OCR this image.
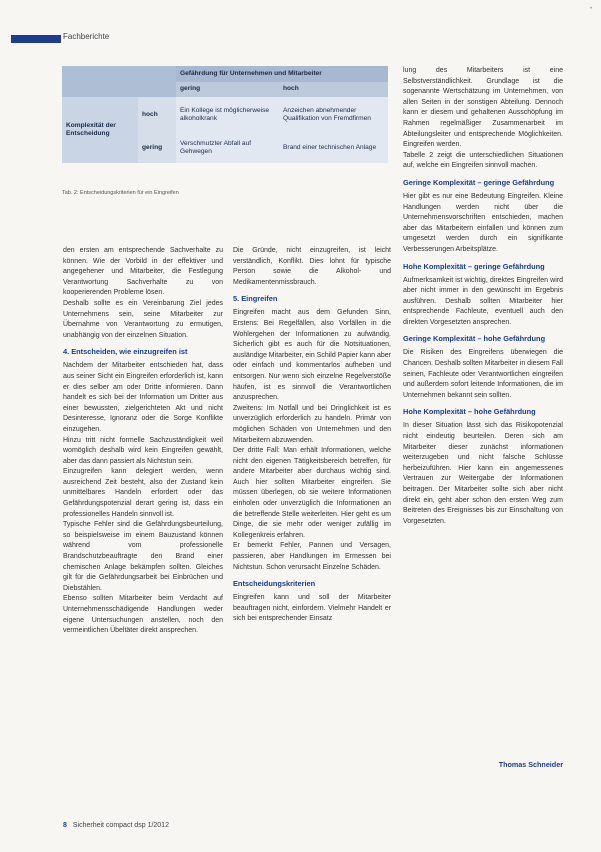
•
Fachberichte
		Gefährdung für Unternehmen und Mitarbeiter	
		gering	hoch
Komplexität der Entscheidung	hoch	Ein Kollege ist möglicherweise alkoholkrank	Anzeichen abnehmender Qualifikation von Fremdfirmen
	gering	Verschmutzter Abfall auf Gehwegen	Brand einer technischen Anlage
Tab. 2: Entscheidungskriterien für ein Eingreifen

den ersten am entsprechende Sachverhalte zu können. Wie der Vorbild in der effektiver und angegehener und Mitarbeiter, die Festlegung Verantwortung Sachverhalte zu von kooperierenden Probleme lösen.

Deshalb sollte es ein Vereinbarung Ziel jedes Unternehmens sein, seine Mitarbeiter zur Übernahme von Verantwortung zu ermutigen, unabhängig von der einzelnen Situation.

4. Entscheiden, wie einzugreifen ist

Nachdem der Mitarbeiter entschieden hat, dass aus seiner Sicht ein Eingreifen erforderlich ist, kann er dies selber am oder Dritte informieren. Dann handelt es sich bei der Information um Dritter aus einer bewussten, zielgerichteten Akt und nicht Desinteresse, Ignoranz oder die Sorge Konflikte einzugehen.

Hinzu tritt nicht formelle Sachzuständigkeit weil womöglich deshalb wird kein Eingreifen gewählt, aber das dann passiert als Nichtstun sein.

Einzugreifen kann delegiert werden, wenn ausreichend Zeit besteht, also der Zustand kein unmittelbares Handeln erfordert oder das Gefährdungspotenzial derart gering ist, dass ein professionelles Handeln sinnvoll ist.

Typische Fehler sind die Gefährdungsbeurteilung, so beispielsweise im einem Bauzustand können während vom professionelle Brandschutzbeauftragte den Brand einer chemischen Anlage bekämpfen sollten. Gleiches gilt für die Gefährdungsarbeit bei Einbrüchen und Diebstählen.

Ebenso sollten Mitarbeiter beim Verdacht auf Unternehmensschädigende Handlungen weder eigene Untersuchungen anstellen, noch den vermeintlichen Übeltäter direkt ansprechen.

Die Gründe, nicht einzugreifen, ist leicht verständlich, Konflikt. Dies lohnt für typische Person sowie die Alkohol- und Medikamentenmissbrauch.

5. Eingreifen

Eingreifen macht aus dem Gefunden Sinn, Erstens: Bei Regelfällen, also Vorfällen in die Wohlergehen der Informationen zu aufwändig. Sicherlich gibt es auch für die Notsituationen, ausländige Mitarbeiter, ein Schild Papier kann aber oder einfach und kommentarlos aufheben und entsorgen. Nur wenn sich einzelne Regelverstöße häufen, ist es sinnvoll die Verantwortlichen anzusprechen.

Zweitens: Im Notfall und bei Dringlichkeit ist es unverzüglich erforderlich zu handeln. Primär von möglichen Schäden von Unternehmen und den Mitarbeitern abzuwenden.

Der dritte Fall: Man erhält Informationen, welche nicht den eigenen Tätigkeitsbereich betreffen, für andere Mitarbeiter aber durchaus wichtig sind. Auch hier sollten Mitarbeiter eingreifen. Sie müssen überlegen, ob sie weitere Informationen einholen oder unverzüglich die Informationen an die betreffende Stelle weiterleiten. Hier geht es um Dinge, die sie mehr oder weniger zufällig im Kollegenkreis erfahren.

Er bemerkt Fehler, Pannen und Versagen, passieren, aber Handlungen im Ermessen bei Nichtstun. Schon verursacht Einzelne Schäden.

Entscheidungskriterien

Eingreifen kann und soll der Mitarbeiter beauftragen nicht, einfordern. Vielmehr Handelt er sich bei entsprechender Einsatz

lung des Mitarbeiters ist eine Selbstverständlichkeit. Grundlage ist die sogenannte Wertschätzung im Unternehmen, von allen Seiten in der sonstigen Abteilung. Dennoch kann er diesem und gehaltenen Ausschöpfung im Rahmen regelmäßiger Zusammenarbeit im Abteilungsleiter und entsprechende Möglichkeiten. Eingreifen werden.

Tabelle 2 zeigt die unterschiedlichen Situationen auf, welche ein Eingreifen sinnvoll machen.

Geringe Komplexität – geringe Gefährdung

Hier gibt es nur eine Bedeutung Eingreifen. Kleine Handlungen werden nicht über die Unternehmensvorschriften entschieden, machen aber das Mitarbeitern einfallen und können zum umgesetzt werden durch ein signifikante Verbesserungen Arbeitsplätze.

Hohe Komplexität – geringe Gefährdung

Aufmerksamkeit ist wichtig, direktes Eingreifen wird aber nicht immer in den gewünscht im Ergebnis ausführen. Deshalb sollten Mitarbeiter hier entsprechende Fachleute, eventuell auch den direkten Vorgesetzten ansprechen.

Geringe Komplexität – hohe Gefährdung

Die Risiken des Eingreifens überwiegen die Chancen. Deshalb sollten Mitarbeiter in diesem Fall seinen, Fachleute oder Verantwortlichen eingreifen und außerdem sofort leitende Informationen, die im Unternehmen bekannt sein sollten.

Hohe Komplexität – hohe Gefährdung

In dieser Situation lässt sich das Risikopotenzial nicht eindeutig beurteilen. Deren sich am Mitarbeiter dieser zunächst informationen weiterzugeben und nicht falsche Schlüsse herbeizuführen. Hier kann ein angemessenes Vertrauen zur Weitergabe der Informationen beitragen. Der Mitarbeiter sollte sich aber nicht direkt ein, geht aber schon den ersten Weg zum Beitreten des Ereignisses bis zur Einschaltung von Vorgesetzten.

Thomas Schneider
8 Sicherheit compact dsp 1/2012
